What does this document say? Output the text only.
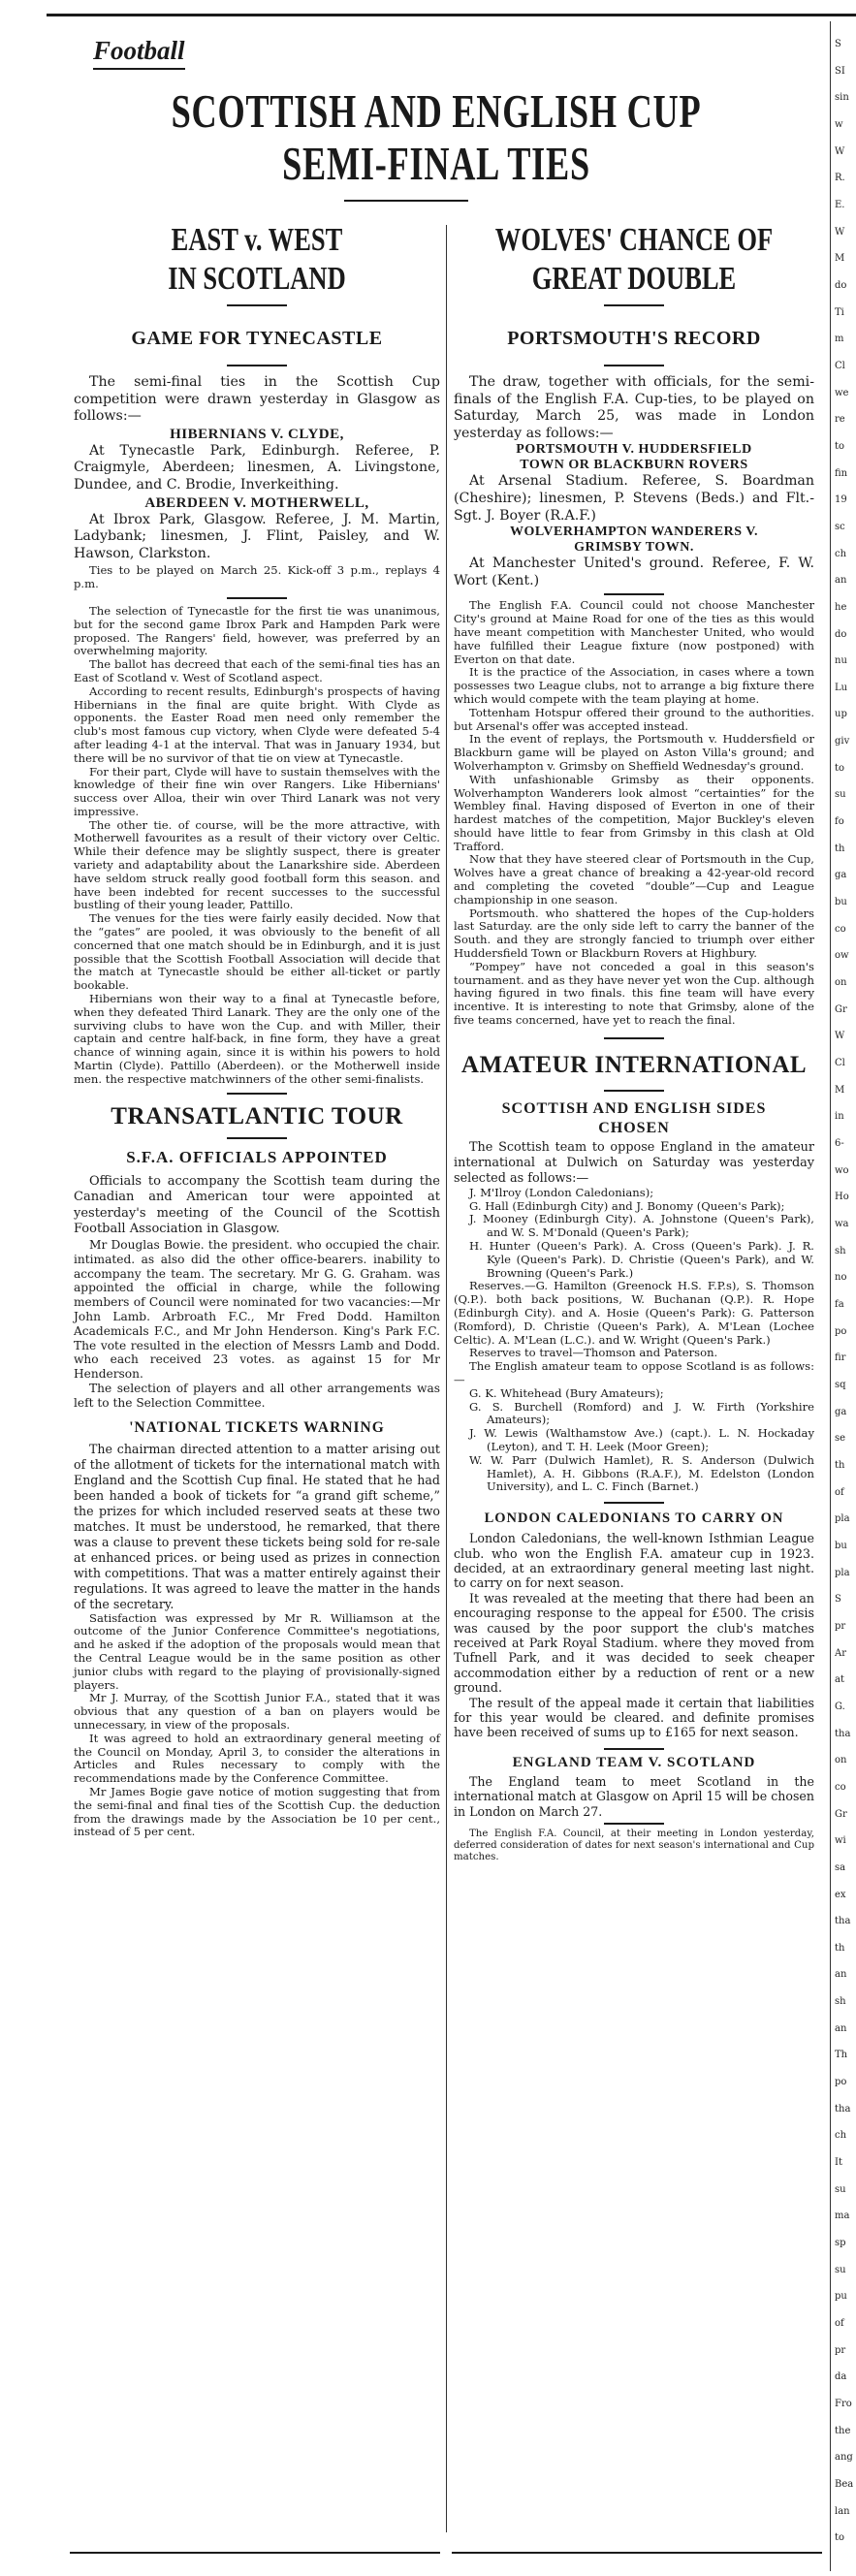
Football
SCOTTISH AND ENGLISH CUP
SEMI-FINAL TIES
EAST v. WEST
IN SCOTLAND
GAME FOR TYNECASTLE

The semi-final ties in the Scottish Cup competition were drawn yesterday in Glasgow as follows:—

HIBERNIANS V. CLYDE,

At Tynecastle Park, Edinburgh. Referee, P. Craigmyle, Aberdeen; linesmen, A. Livingstone, Dundee, and C. Brodie, Inverkeithing.

ABERDEEN V. MOTHERWELL,

At Ibrox Park, Glasgow. Referee, J. M. Martin, Ladybank; linesmen, J. Flint, Paisley, and W. Hawson, Clarkston.

Ties to be played on March 25. Kick-off 3 p.m., replays 4 p.m.

The selection of Tynecastle for the first tie was unanimous, but for the second game Ibrox Park and Hampden Park were proposed. The Rangers' field, however, was preferred by an overwhelming majority.

The ballot has decreed that each of the semi-final ties has an East of Scotland v. West of Scotland aspect.

According to recent results, Edinburgh's prospects of having Hibernians in the final are quite bright. With Clyde as opponents. the Easter Road men need only remember the club's most famous cup victory, when Clyde were defeated 5-4 after leading 4-1 at the interval. That was in January 1934, but there will be no survivor of that tie on view at Tynecastle.

For their part, Clyde will have to sustain themselves with the knowledge of their fine win over Rangers. Like Hibernians' success over Alloa, their win over Third Lanark was not very impressive.

The other tie. of course, will be the more attractive, with Motherwell favourites as a result of their victory over Celtic. While their defence may be slightly suspect, there is greater variety and adaptability about the Lanarkshire side. Aberdeen have seldom struck really good football form this season. and have been indebted for recent successes to the successful bustling of their young leader, Pattillo.

The venues for the ties were fairly easily decided. Now that the “gates” are pooled, it was obviously to the benefit of all concerned that one match should be in Edinburgh, and it is just possible that the Scottish Football Association will decide that the match at Tynecastle should be either all-ticket or partly bookable.

Hibernians won their way to a final at Tynecastle before, when they defeated Third Lanark. They are the only one of the surviving clubs to have won the Cup. and with Miller, their captain and centre half-back, in fine form, they have a great chance of winning again, since it is within his powers to hold Martin (Clyde). Pattillo (Aberdeen). or the Motherwell inside men. the respective matchwinners of the other semi-finalists.

TRANSATLANTIC TOUR
S.F.A. OFFICIALS APPOINTED

Officials to accompany the Scottish team during the Canadian and American tour were appointed at yesterday's meeting of the Council of the Scottish Football Association in Glasgow.

Mr Douglas Bowie. the president. who occupied the chair. intimated. as also did the other office-bearers. inability to accompany the team. The secretary. Mr G. G. Graham. was appointed the official in charge, while the following members of Council were nominated for two vacancies:—Mr John Lamb. Arbroath F.C., Mr Fred Dodd. Hamilton Academicals F.C., and Mr John Henderson. King's Park F.C. The vote resulted in the election of Messrs Lamb and Dodd. who each received 23 votes. as against 15 for Mr Henderson.

The selection of players and all other arrangements was left to the Selection Committee.

'NATIONAL TICKETS WARNING

The chairman directed attention to a matter arising out of the allotment of tickets for the international match with England and the Scottish Cup final. He stated that he had been handed a book of tickets for “a grand gift scheme,” the prizes for which included reserved seats at these two matches. It must be understood, he remarked, that there was a clause to prevent these tickets being sold for re-sale at enhanced prices. or being used as prizes in connection with competitions. That was a matter entirely against their regulations. It was agreed to leave the matter in the hands of the secretary.

Satisfaction was expressed by Mr R. Williamson at the outcome of the Junior Conference Committee's negotiations, and he asked if the adoption of the proposals would mean that the Central League would be in the same position as other junior clubs with regard to the playing of provisionally-signed players.

Mr J. Murray, of the Scottish Junior F.A., stated that it was obvious that any question of a ban on players would be unnecessary, in view of the proposals.

It was agreed to hold an extraordinary general meeting of the Council on Monday, April 3, to consider the alterations in Articles and Rules necessary to comply with the recommendations made by the Conference Committee.

Mr James Bogie gave notice of motion suggesting that from the semi-final and final ties of the Scottish Cup. the deduction from the drawings made by the Association be 10 per cent., instead of 5 per cent.

WOLVES' CHANCE OF
GREAT DOUBLE
PORTSMOUTH'S RECORD

The draw, together with officials, for the semi-finals of the English F.A. Cup-ties, to be played on Saturday, March 25, was made in London yesterday as follows:—

PORTSMOUTH V. HUDDERSFIELD
TOWN OR BLACKBURN ROVERS

At Arsenal Stadium. Referee, S. Boardman (Cheshire); linesmen, P. Stevens (Beds.) and Flt.-Sgt. J. Boyer (R.A.F.)

WOLVERHAMPTON WANDERERS V.
GRIMSBY TOWN.

At Manchester United's ground. Referee, F. W. Wort (Kent.)

The English F.A. Council could not choose Manchester City's ground at Maine Road for one of the ties as this would have meant competition with Manchester United, who would have fulfilled their League fixture (now postponed) with Everton on that date.

It is the practice of the Association, in cases where a town possesses two League clubs, not to arrange a big fixture there which would compete with the team playing at home.

Tottenham Hotspur offered their ground to the authorities. but Arsenal's offer was accepted instead.

In the event of replays, the Portsmouth v. Huddersfield or Blackburn game will be played on Aston Villa's ground; and Wolverhampton v. Grimsby on Sheffield Wednesday's ground.

With unfashionable Grimsby as their opponents. Wolverhampton Wanderers look almost “certainties” for the Wembley final. Having disposed of Everton in one of their hardest matches of the competition, Major Buckley's eleven should have little to fear from Grimsby in this clash at Old Trafford.

Now that they have steered clear of Portsmouth in the Cup, Wolves have a great chance of breaking a 42-year-old record and completing the coveted “double”—Cup and League championship in one season.

Portsmouth. who shattered the hopes of the Cup-holders last Saturday. are the only side left to carry the banner of the South. and they are strongly fancied to triumph over either Huddersfield Town or Blackburn Rovers at Highbury.

“Pompey” have not conceded a goal in this season's tournament. and as they have never yet won the Cup. although having figured in two finals. this fine team will have every incentive. It is interesting to note that Grimsby, alone of the five teams concerned, have yet to reach the final.

AMATEUR INTERNATIONAL
SCOTTISH AND ENGLISH SIDES
CHOSEN

The Scottish team to oppose England in the amateur international at Dulwich on Saturday was yesterday selected as follows:—

J. M'Ilroy (London Caledonians);

G. Hall (Edinburgh City) and J. Bonomy (Queen's Park);

J. Mooney (Edinburgh City). A. Johnstone (Queen's Park), and W. S. M'Donald (Queen's Park);

H. Hunter (Queen's Park). A. Cross (Queen's Park). J. R. Kyle (Queen's Park). D. Christie (Queen's Park), and W. Browning (Queen's Park.)

Reserves.—G. Hamilton (Greenock H.S. F.P.s), S. Thomson (Q.P.). both back positions, W. Buchanan (Q.P.). R. Hope (Edinburgh City). and A. Hosie (Queen's Park): G. Patterson (Romford), D. Christie (Queen's Park), A. M'Lean (Lochee Celtic). A. M'Lean (L.C.). and W. Wright (Queen's Park.)

Reserves to travel—Thomson and Paterson.

The English amateur team to oppose Scotland is as follows:—

G. K. Whitehead (Bury Amateurs);

G. S. Burchell (Romford) and J. W. Firth (Yorkshire Amateurs);

J. W. Lewis (Walthamstow Ave.) (capt.). L. N. Hockaday (Leyton), and T. H. Leek (Moor Green);

W. W. Parr (Dulwich Hamlet), R. S. Anderson (Dulwich Hamlet), A. H. Gibbons (R.A.F.), M. Edelston (London University), and L. C. Finch (Barnet.)

LONDON CALEDONIANS TO CARRY ON

London Caledonians, the well-known Isthmian League club. who won the English F.A. amateur cup in 1923. decided, at an extraordinary general meeting last night. to carry on for next season.

It was revealed at the meeting that there had been an encouraging response to the appeal for £500. The crisis was caused by the poor support the club's matches received at Park Royal Stadium. where they moved from Tufnell Park, and it was decided to seek cheaper accommodation either by a reduction of rent or a new ground.

The result of the appeal made it certain that liabilities for this year would be cleared. and definite promises have been received of sums up to £165 for next season.

ENGLAND TEAM V. SCOTLAND

The England team to meet Scotland in the international match at Glasgow on April 15 will be chosen in London on March 27.

The English F.A. Council, at their meeting in London yesterday, deferred consideration of dates for next season's international and Cup matches.

S
SI
sin
w
W
R.
E.
W
M
do
Ti
m
Cl
we
re
to
fin
19
sc
ch
an
he
do
nu
Lu
up
giv
to
su
fo
th
ga
bu
co
ow
on
Gr
W
Cl
M
in
6-
wo
Ho
wa
sh
no
fa
po
fir
sq
ga
se
th
of
pla
bu
pla
S
pr
Ar
at
G.
tha
on
co
Gr
wi
sa
ex
tha
th
an
sh
an
Th
po
tha
ch
It
su
ma
sp
su
pu
of
pr
da
Fro
the
ang
Bea
lan
to
